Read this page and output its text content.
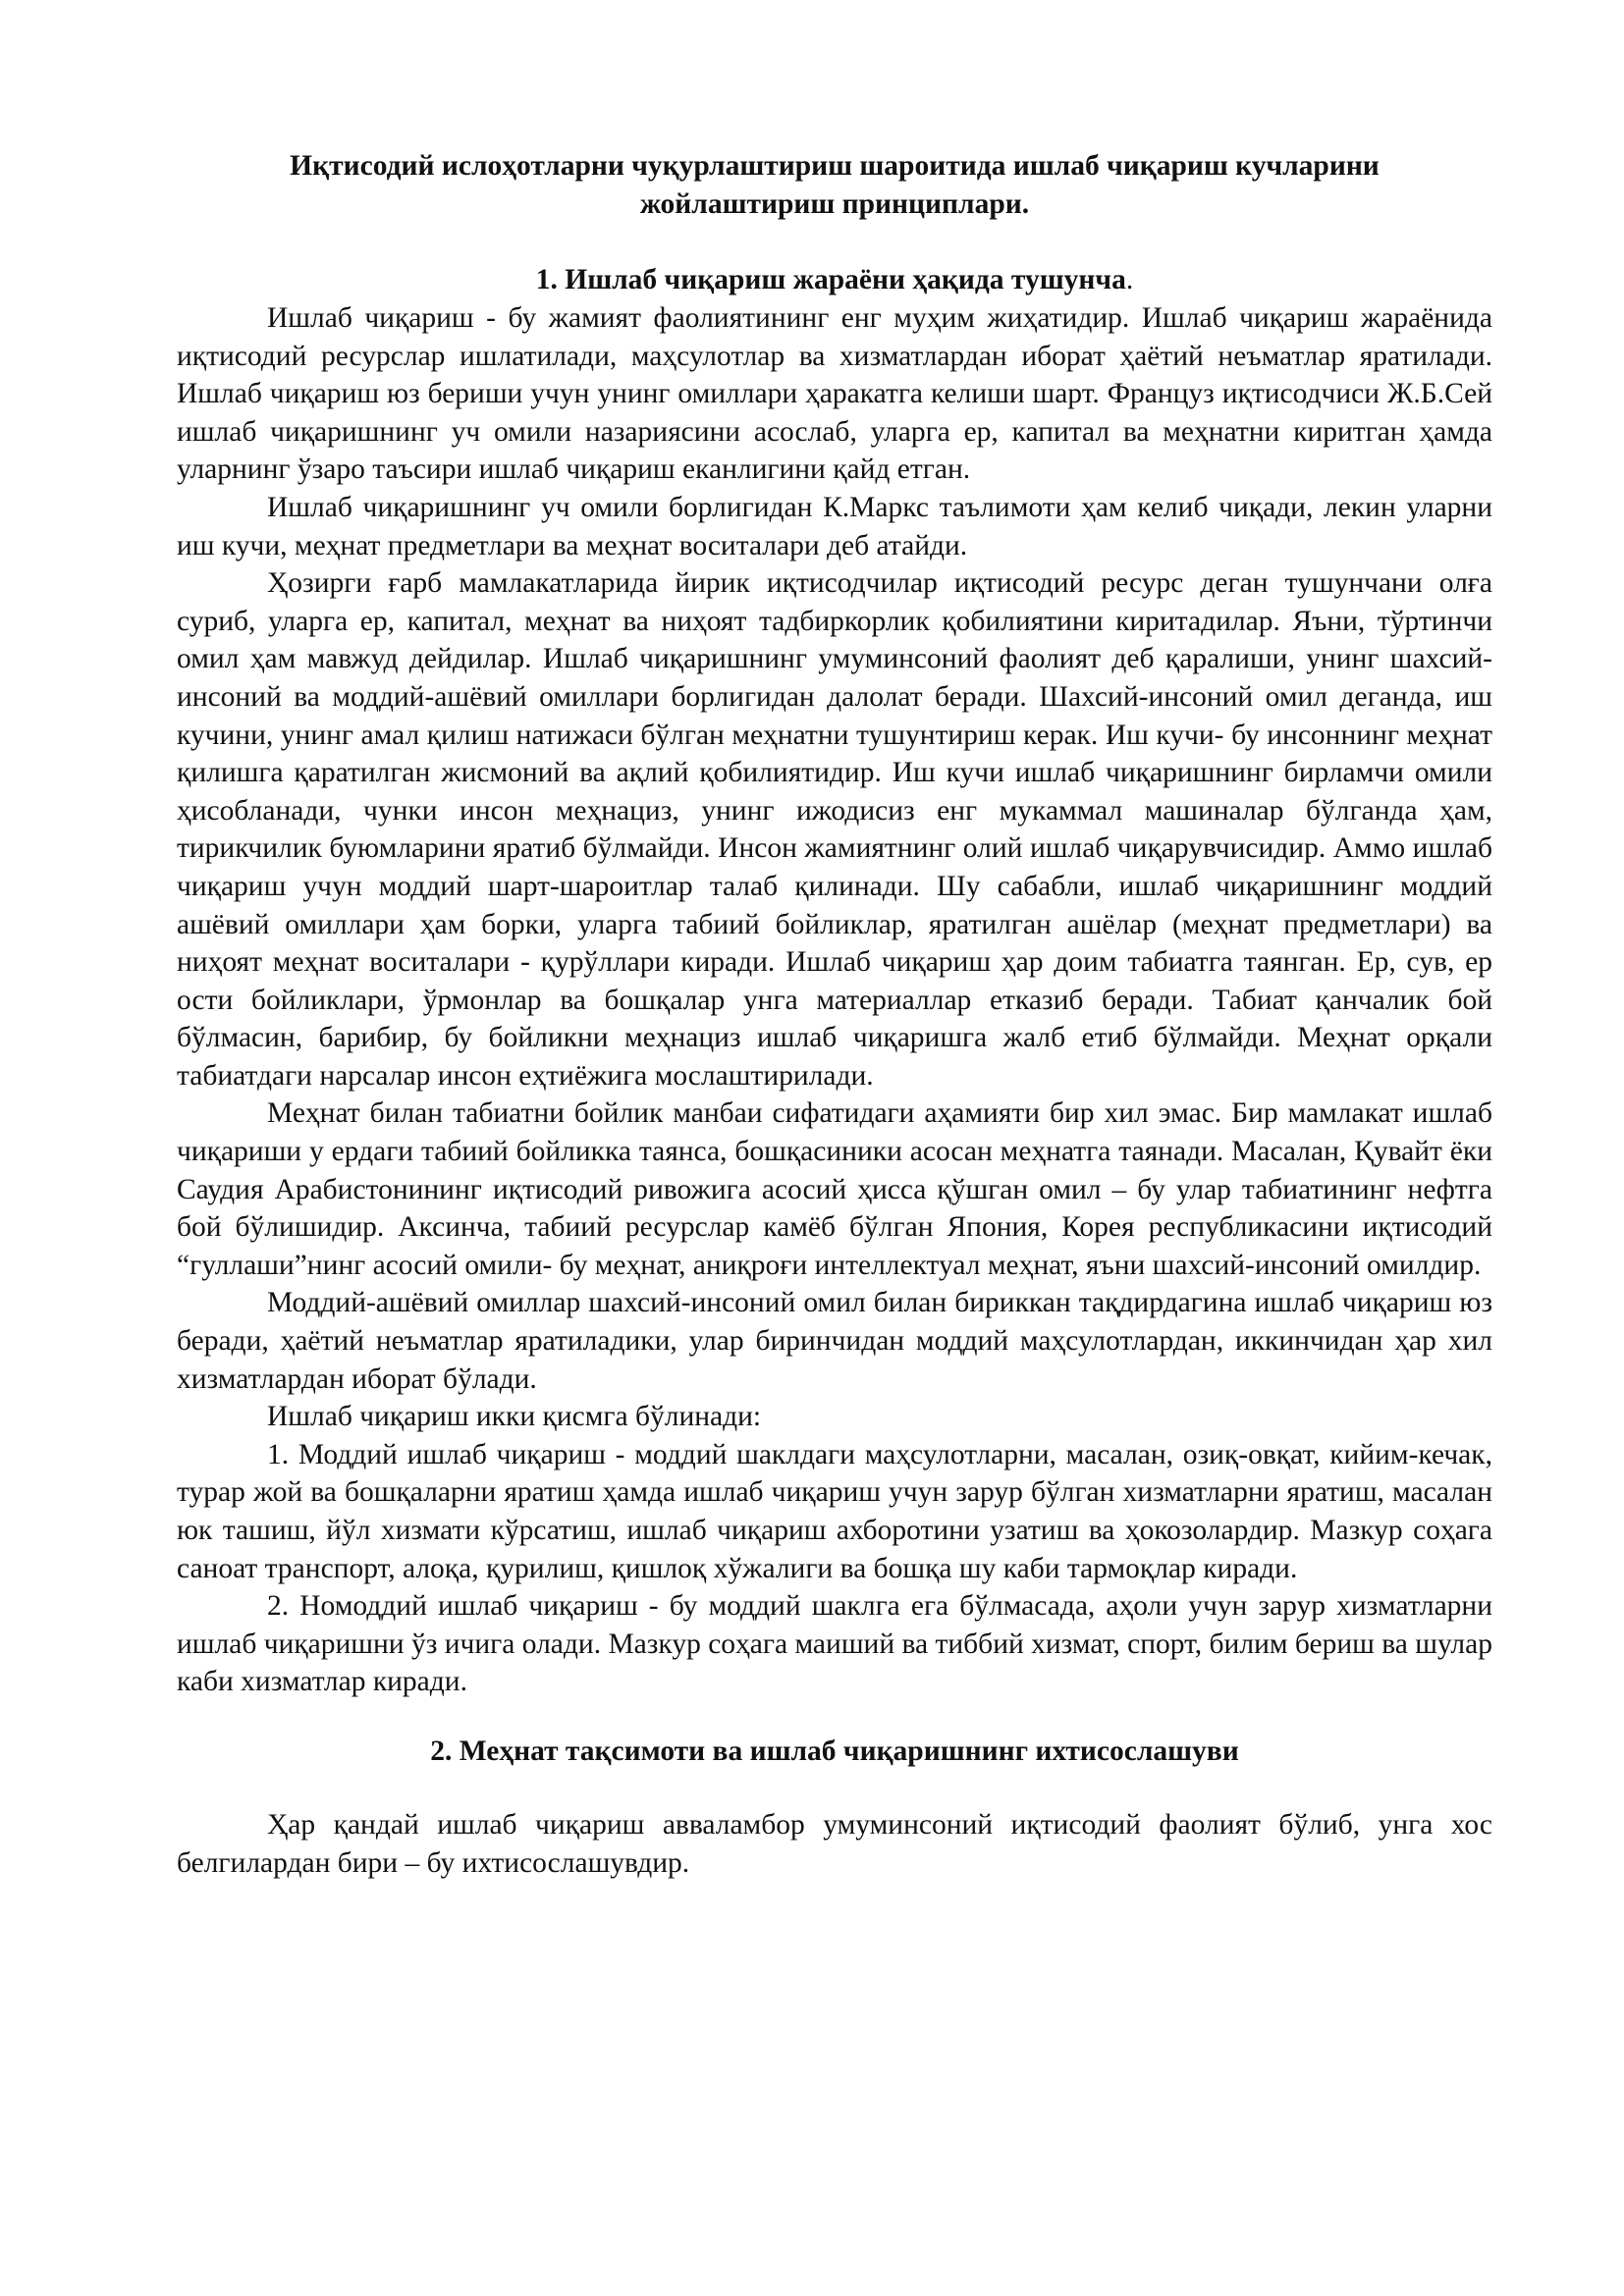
Иқтисодий ислоҳотларни чуқурлаштириш шароитида ишлаб чиқариш кучларини жойлаштириш принциплари.
1. Ишлаб чиқариш жараёни ҳақида тушунча.

Ишлаб чиқариш - бу жамият фаолиятининг енг муҳим жиҳатидир. Ишлаб чиқариш жараёнида иқтисодий ресурслар ишлатилади, маҳсулотлар ва хизматлардан иборат ҳаётий неъматлар яратилади. Ишлаб чиқариш юз бериши учун унинг омиллари ҳаракатга келиши шарт. Француз иқтисодчиси Ж.Б.Сей ишлаб чиқаришнинг уч омили назариясини асослаб, уларга ер, капитал ва меҳнатни киритган ҳамда уларнинг ўзаро таъсири ишлаб чиқариш еканлигини қайд етган.

Ишлаб чиқаришнинг уч омили борлигидан К.Маркс таълимоти ҳам келиб чиқади, лекин уларни иш кучи, меҳнат предметлари ва меҳнат воситалари деб атайди.

Ҳозирги ғарб мамлакатларида йирик иқтисодчилар иқтисодий ресурс деган тушунчани олға суриб, уларга ер, капитал, меҳнат ва ниҳоят тадбиркорлик қобилиятини киритадилар. Яъни, тўртинчи омил ҳам мавжуд дейдилар. Ишлаб чиқаришнинг умуминсоний фаолият деб қаралиши, унинг шахсий-инсоний ва моддий-ашёвий омиллари борлигидан далолат беради. Шахсий-инсоний омил деганда, иш кучини, унинг амал қилиш натижаси бўлган меҳнатни тушунтириш керак. Иш кучи- бу инсоннинг меҳнат қилишга қаратилган жисмоний ва ақлий қобилиятидир. Иш кучи ишлаб чиқаришнинг бирламчи омили ҳисобланади, чунки инсон меҳнациз, унинг ижодисиз енг мукаммал машиналар бўлганда ҳам, тирикчилик буюмларини яратиб бўлмайди. Инсон жамиятнинг олий ишлаб чиқарувчисидир. Аммо ишлаб чиқариш учун моддий шарт-шароитлар талаб қилинади. Шу сабабли, ишлаб чиқаришнинг моддий ашёвий омиллари ҳам борки, уларга табиий бойликлар, яратилган ашёлар (меҳнат предметлари) ва ниҳоят меҳнат воситалари - қурўллари киради. Ишлаб чиқариш ҳар доим табиатга таянган. Ер, сув, ер ости бойликлари, ўрмонлар ва бошқалар унга материаллар етказиб беради. Табиат қанчалик бой бўлмасин, барибир, бу бойликни меҳнациз ишлаб чиқаришга жалб етиб бўлмайди. Меҳнат орқали табиатдаги нарсалар инсон еҳтиёжига мослаштирилади.

Меҳнат билан табиатни бойлик манбаи сифатидаги аҳамияти бир хил эмас. Бир мамлакат ишлаб чиқариши у ердаги табиий бойликка таянса, бошқасиники асосан меҳнатга таянади. Масалан, Қувайт ёки Саудия Арабистонининг иқтисодий ривожига асосий ҳисса қўшган омил – бу улар табиатининг нефтга бой бўлишидир. Аксинча, табиий ресурслар камёб бўлган Япония, Корея республикасини иқтисодий “гуллаши”нинг асосий омили- бу меҳнат, аниқроғи интеллектуал меҳнат, яъни шахсий-инсоний омилдир.

Моддий-ашёвий омиллар шахсий-инсоний омил билан бириккан тақдирдагина ишлаб чиқариш юз беради, ҳаётий неъматлар яратиладики, улар биринчидан моддий маҳсулотлардан, иккинчидан ҳар хил хизматлардан иборат бўлади.

Ишлаб чиқариш икки қисмга бўлинади:

1. Моддий ишлаб чиқариш - моддий шаклдаги маҳсулотларни, масалан, озиқ-овқат, кийим-кечак, турар жой ва бошқаларни яратиш ҳамда ишлаб чиқариш учун зарур бўлган хизматларни яратиш, масалан юк ташиш, йўл хизмати кўрсатиш, ишлаб чиқариш ахборотини узатиш ва ҳокозолардир. Мазкур соҳага саноат транспорт, алоқа, қурилиш, қишлоқ хўжалиги ва бошқа шу каби тармоқлар киради.

2. Номоддий ишлаб чиқариш - бу моддий шаклга ега бўлмасада, аҳоли учун зарур хизматларни ишлаб чиқаришни ўз ичига олади. Мазкур соҳага маиший ва тиббий хизмат, спорт, билим бериш ва шулар каби хизматлар киради.

2. Меҳнат тақсимоти ва ишлаб чиқаришнинг ихтисослашуви

Ҳар қандай ишлаб чиқариш авваламбор умуминсоний иқтисодий фаолият бўлиб, унга хос белгилардан бири – бу ихтисослашувдир.
